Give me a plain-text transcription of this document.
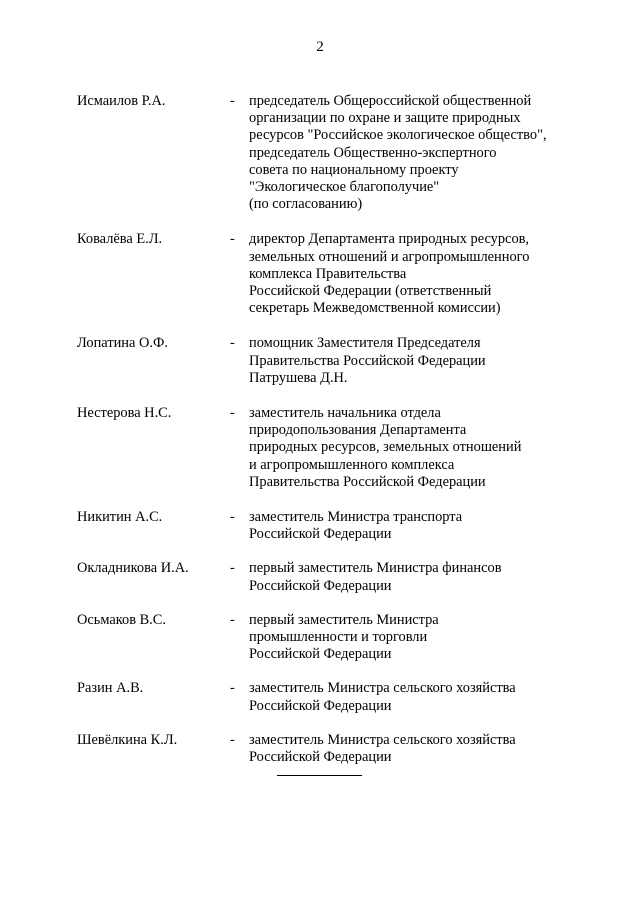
2
Исмаилов Р.А.	- председатель Общероссийской общественной
организации по охране и защите природных
ресурсов "Российское экологическое общество",
председатель Общественно-экспертного
совета по национальному проекту
"Экологическое благополучие"
(по согласованию)
Ковалёва Е.Л.	- директор Департамента природных ресурсов,
земельных отношений и агропромышленного
комплекса Правительства
Российской Федерации (ответственный
секретарь Межведомственной комиссии)
Лопатина О.Ф.	- помощник Заместителя Председателя
Правительства Российской Федерации
Патрушева Д.Н.
Нестерова Н.С.	- заместитель начальника отдела
природопользования Департамента
природных ресурсов, земельных отношений
и агропромышленного комплекса
Правительства Российской Федерации
Никитин А.С.	- заместитель Министра транспорта
Российской Федерации
Окладникова И.А.	- первый заместитель Министра финансов
Российской Федерации
Осьмаков В.С.	- первый заместитель Министра
промышленности и торговли
Российской Федерации
Разин А.В.	- заместитель Министра сельского хозяйства
Российской Федерации
Шевёлкина К.Л.	- заместитель Министра сельского хозяйства
Российской Федерации
